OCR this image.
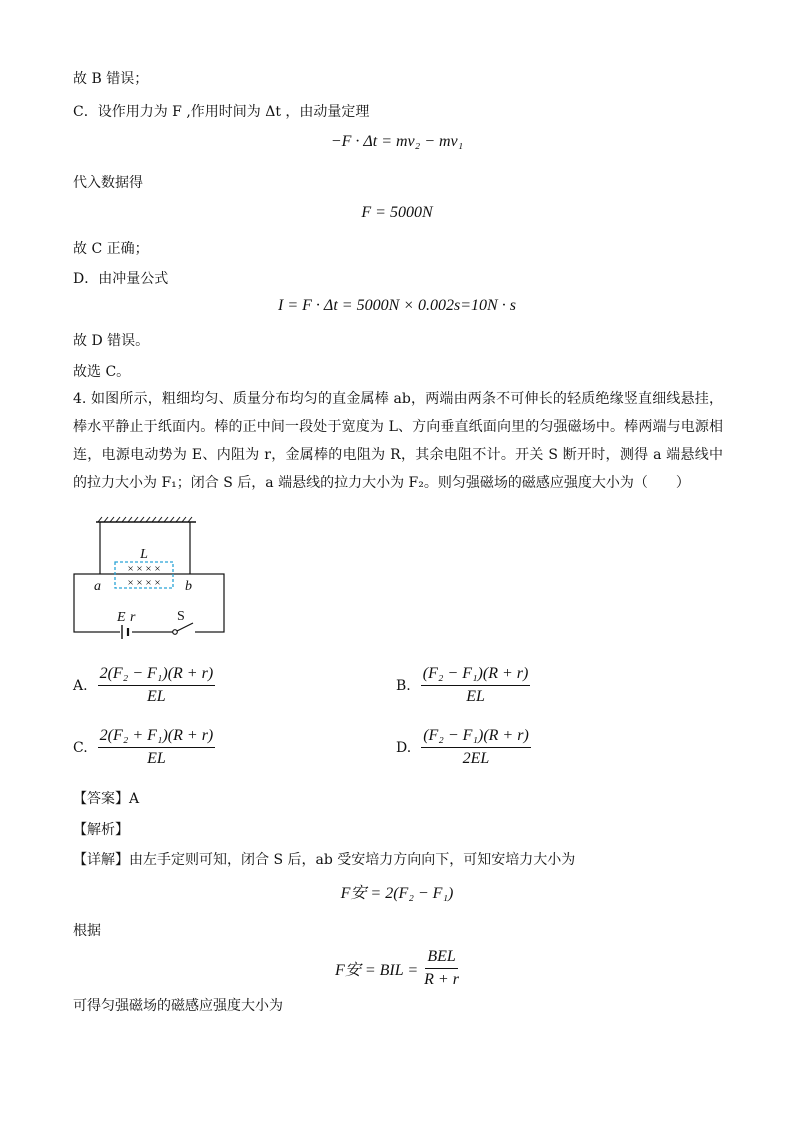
故 B 错误；
C．设作用力为 F ,作用时间为 Δt ，由动量定理
−F · Δt = mv₂ − mv₁
代入数据得
F = 5000N
故 C 正确；
D．由冲量公式
I = F · Δt = 5000N × 0.002s=10N · s
故 D 错误。
故选 C。
4. 如图所示，粗细均匀、质量分布均匀的直金属棒 ab，两端由两条不可伸长的轻质绝缘竖直细线悬挂，棒水平静止于纸面内。棒的正中间一段处于宽度为 L、方向垂直纸面向里的匀强磁场中。棒两端与电源相连，电源电动势为 E、内阻为 r，金属棒的电阻为 R，其余电阻不计。开关 S 断开时，测得 a 端悬线中的拉力大小为 F₁；闭合 S 后，a 端悬线的拉力大小为 F₂。则匀强磁场的磁感应强度大小为（　　）
× × × ×
× × × ×
L
a	b
E r	S
A. $\frac{\text{2(F₂ − F₁)(R + r)}}{EL}$	B. $\frac{\text{(F₂ − F₁)(R + r)}}{EL}$
C. $\frac{\text{2(F₂ + F₁)(R + r)}}{EL}$	D. $\frac{\text{(F₂ − F₁)(R + r)}}{2EL}$
【答案】A
【解析】
【详解】由左手定则可知，闭合 S 后，ab 受安培力方向向下，可知安培力大小为
F安 = 2(F₂ − F₁)
根据
F安 = BIL = $\frac{\text{BEL}}{R + r}$
可得匀强磁场的磁感应强度大小为
